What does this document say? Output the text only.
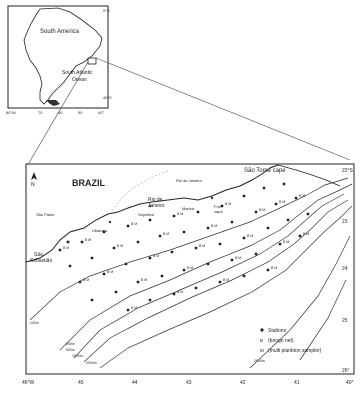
South America
South Atlantic
Ocean
0°S
40°S
80°W	70	60	50	40°
B M
B M
B M
B M
B M
B M
B M
B M
B M
B M
B M
B M
B M
B M
B M
B M
B M
B M
B M
B M
B M
B M
B M
B M
B M
N	BRAZIL	Rio de Janeiro
São Paulo
Rio de
Janeiro	Maricá	Frio
cape
Sepetiba
Ubatuba
São
Sebastião
São Tomé cape
100m
200m
500m
1000m
2000m	2500m
Stations
B (bongo net)
M (multi plankton sampler)
22°S
23
24
25
26°
46°W	45	44	43	42	41	40°
